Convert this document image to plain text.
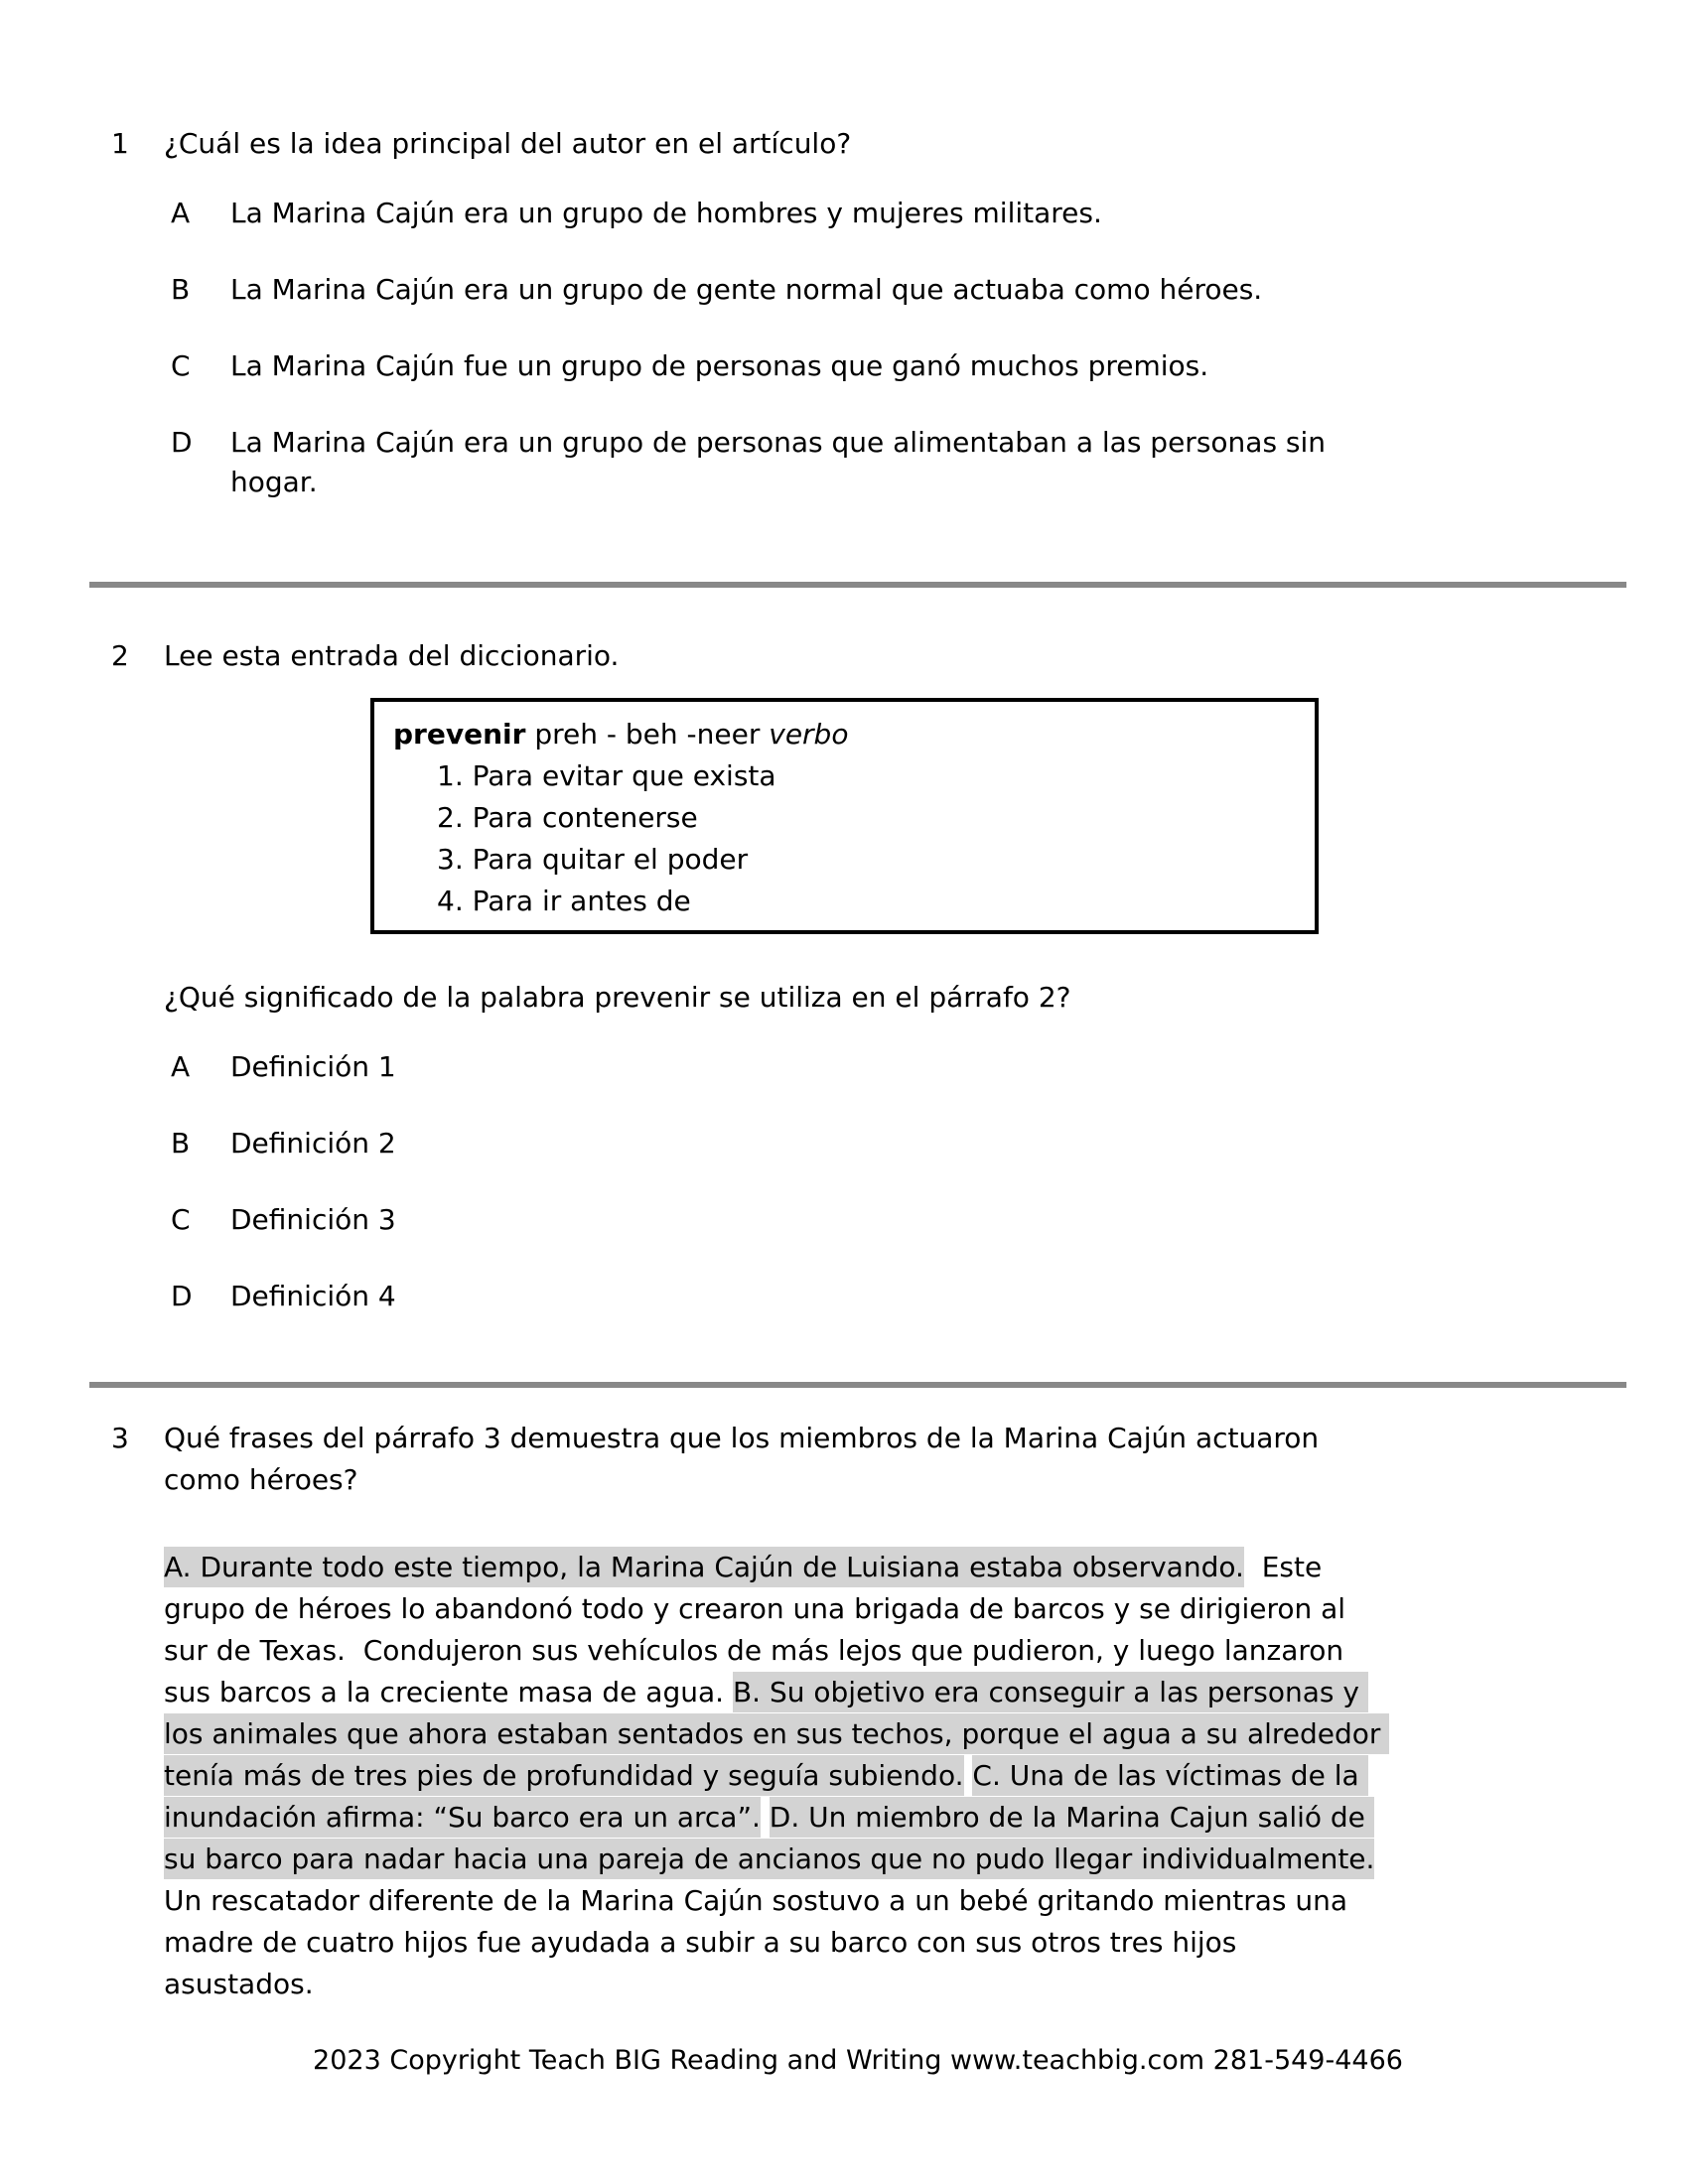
1	¿Cuál es la idea principal del autor en el artículo?
A	La Marina Cajún era un grupo de hombres y mujeres militares.
B	La Marina Cajún era un grupo de gente normal que actuaba como héroes.
C	La Marina Cajún fue un grupo de personas que ganó muchos premios.
D	La Marina Cajún era un grupo de personas que alimentaban a las personas sin hogar.
2	Lee esta entrada del diccionario.
prevenir preh - beh -neer verbo
1. Para evitar que exista
2. Para contenerse
3. Para quitar el poder
4. Para ir antes de
¿Qué significado de la palabra prevenir se utiliza en el párrafo 2?
A	Definición 1
B	Definición 2
C	Definición 3
D	Definición 4
3	Qué frases del párrafo 3 demuestra que los miembros de la Marina Cajún actuaron como héroes?
A. Durante todo este tiempo, la Marina Cajún de Luisiana estaba observando.  Este grupo de héroes lo abandonó todo y crearon una brigada de barcos y se dirigieron al sur de Texas.  Condujeron sus vehículos de más lejos que pudieron, y luego lanzaron sus barcos a la creciente masa de agua. B. Su objetivo era conseguir a las personas y los animales que ahora estaban sentados en sus techos, porque el agua a su alrededor tenía más de tres pies de profundidad y seguía subiendo. C. Una de las víctimas de la inundación afirma: “Su barco era un arca”. D. Un miembro de la Marina Cajun salió de su barco para nadar hacia una pareja de ancianos que no pudo llegar individualmente. Un rescatador diferente de la Marina Cajún sostuvo a un bebé gritando mientras una madre de cuatro hijos fue ayudada a subir a su barco con sus otros tres hijos asustados.
2023 Copyright Teach BIG Reading and Writing www.teachbig.com 281-549-4466
